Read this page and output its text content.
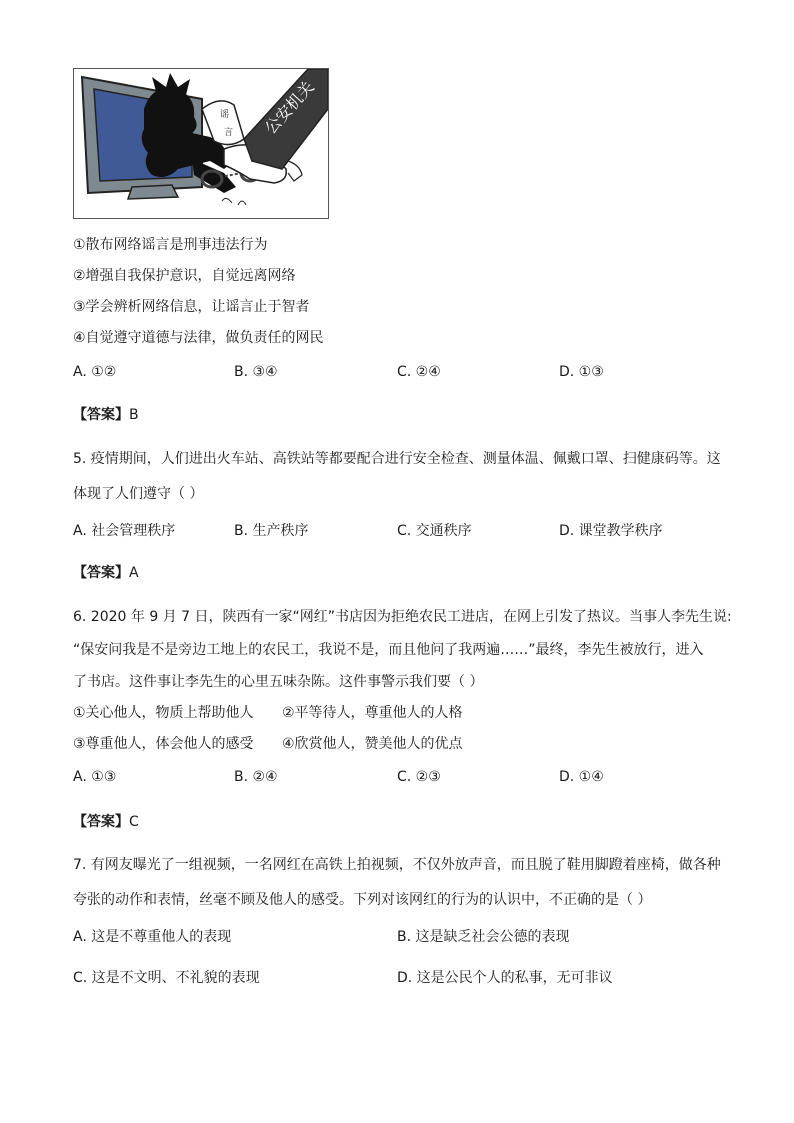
谣
言 公安机关
①散布网络谣言是刑事违法行为
②增强自我保护意识，自觉远离网络
③学会辨析网络信息，让谣言止于智者
④自觉遵守道德与法律，做负责任的网民
A. ①②	B. ③④	C. ②④	D. ①③
【答案】B
5. 疫情期间，人们进出火车站、高铁站等都要配合进行安全检查、测量体温、佩戴口罩、扫健康码等。这
体现了人们遵守（ ）
A. 社会管理秩序	B. 生产秩序	C. 交通秩序	D. 课堂教学秩序
【答案】A
6. 2020 年 9 月 7 日，陕西有一家“网红”书店因为拒绝农民工进店，在网上引发了热议。当事人李先生说:
“保安问我是不是旁边工地上的农民工，我说不是，而且他问了我两遍……”最终，李先生被放行，进入
了书店。这件事让李先生的心里五味杂陈。这件事警示我们要（ ）
①关心他人，物质上帮助他人 ②平等待人，尊重他人的人格
③尊重他人，体会他人的感受 ④欣赏他人，赞美他人的优点
A. ①③	B. ②④	C. ②③	D. ①④
【答案】C
7. 有网友曝光了一组视频，一名网红在高铁上拍视频，不仅外放声音，而且脱了鞋用脚蹬着座椅，做各种
夸张的动作和表情，丝毫不顾及他人的感受。下列对该网红的行为的认识中，不正确的是（ ）
A. 这是不尊重他人的表现	B. 这是缺乏社会公德的表现
C. 这是不文明、不礼貌的表现	D. 这是公民个人的私事，无可非议
